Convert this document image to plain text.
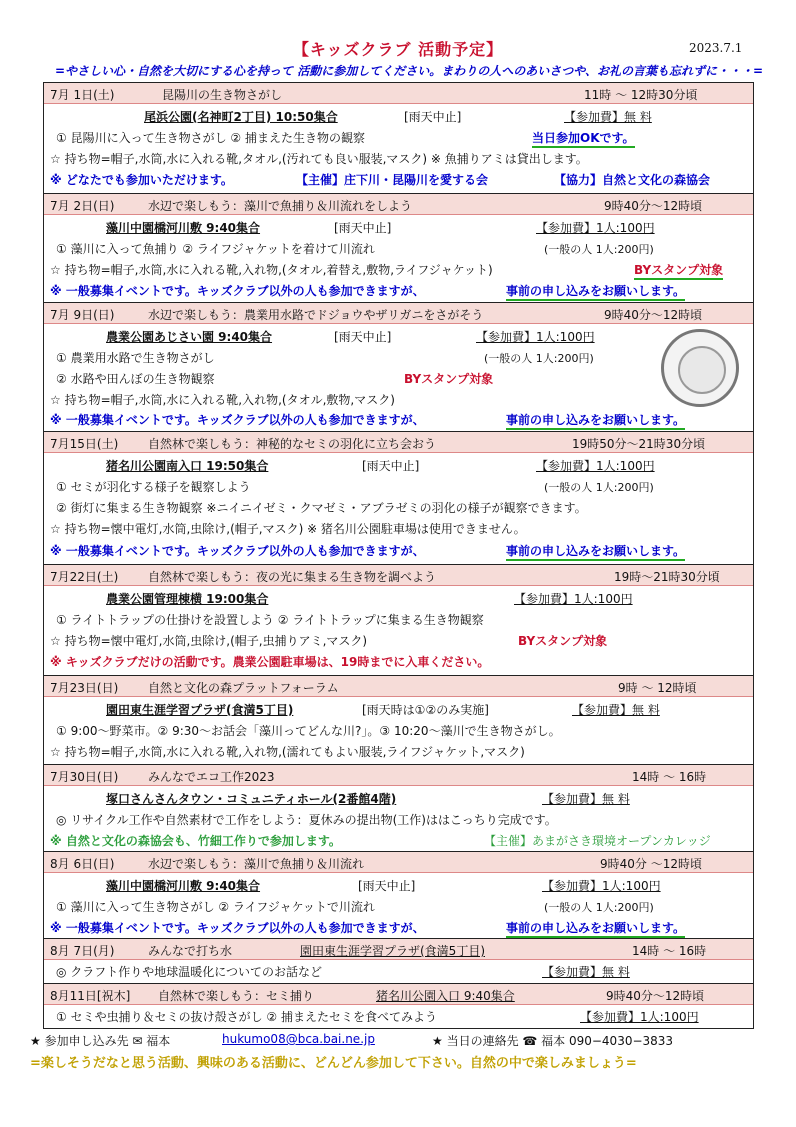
【キッズクラブ 活動予定】	2023.7.1
=やさしい心・自然を大切にする心を持って 活動に参加してください。まわりの人へのあいさつや、お礼の言葉も忘れずに・・・=
7月 1日(土)	昆陽川の生き物さがし	11時 ～ 12時30分頃
尾浜公園(名神町2丁目) 10:50集合	[雨天中止]	【参加費】無 料
① 昆陽川に入って生き物さがし ② 捕まえた生き物の観察	当日参加OKです。
☆ 持ち物=帽子,水筒,水に入れる靴,タオル,(汚れても良い服装,マスク) ※ 魚捕りアミは貸出します。
※ どなたでも参加いただけます。	【主催】庄下川・昆陽川を愛する会	【協力】自然と文化の森協会
7月 2日(日)	水辺で楽しもう：藻川で魚捕り＆川流れをしよう	9時40分～12時頃
藻川中園橋河川敷 9:40集合	[雨天中止]	【参加費】1人:100円
① 藻川に入って魚捕り ② ライフジャケットを着けて川流れ	(一般の人 1人:200円)
☆ 持ち物=帽子,水筒,水に入れる靴,入れ物,(タオル,着替え,敷物,ライフジャケット)	BYスタンプ対象
※ 一般募集イベントです。キッズクラブ以外の人も参加できますが、	事前の申し込みをお願いします。
7月 9日(日)	水辺で楽しもう：農業用水路でドジョウやザリガニをさがそう	9時40分～12時頃
農業公園あじさい園 9:40集合	[雨天中止]	【参加費】1人:100円
① 農業用水路で生き物さがし	(一般の人 1人:200円)
② 水路や田んぼの生き物観察	BYスタンプ対象
☆ 持ち物=帽子,水筒,水に入れる靴,入れ物,(タオル,敷物,マスク)
※ 一般募集イベントです。キッズクラブ以外の人も参加できますが、	事前の申し込みをお願いします。
7月15日(土) 自然林で楽しもう：神秘的なセミの羽化に立ち会おう	19時50分～21時30分頃
猪名川公園南入口 19:50集合	[雨天中止]	【参加費】1人:100円
① セミが羽化する様子を観察しよう	(一般の人 1人:200円)
② 街灯に集まる生き物観察 ※ニイニイゼミ・クマゼミ・アブラゼミの羽化の様子が観察できます。
☆ 持ち物=懐中電灯,水筒,虫除け,(帽子,マスク) ※ 猪名川公園駐車場は使用できません。
※ 一般募集イベントです。キッズクラブ以外の人も参加できますが、	事前の申し込みをお願いします。
7月22日(土) 自然林で楽しもう：夜の光に集まる生き物を調べよう	19時～21時30分頃
農業公園管理棟横 19:00集合	【参加費】1人:100円
① ライトトラップの仕掛けを設置しよう ② ライトトラップに集まる生き物観察
☆ 持ち物=懐中電灯,水筒,虫除け,(帽子,虫捕りアミ,マスク)	BYスタンプ対象
※ キッズクラブだけの活動です。農業公園駐車場は、19時までに入車ください。
7月23日(日) 自然と文化の森プラットフォーラム	9時 ～ 12時頃
園田東生涯学習プラザ(食満5丁目)	[雨天時は①②のみ実施]	【参加費】無 料
① 9:00～野菜市。② 9:30～お話会「藻川ってどんな川?」。③ 10:20～藻川で生き物さがし。
☆ 持ち物=帽子,水筒,水に入れる靴,入れ物,(濡れてもよい服装,ライフジャケット,マスク)
7月30日(日) みんなでエコ工作2023	14時 ～ 16時
塚口さんさんタウン・コミュニティホール(2番館4階)	【参加費】無 料
◎ リサイクル工作や自然素材で工作をしよう：夏休みの提出物(工作)ははこっちり完成です。
※ 自然と文化の森協会も、竹細工作りで参加します。	【主催】あまがさき環境オープンカレッジ
8月 6日(日)	水辺で楽しもう：藻川で魚捕り＆川流れ	9時40分 ～12時頃
藻川中園橋河川敷 9:40集合	[雨天中止]	【参加費】1人:100円
① 藻川に入って生き物さがし ② ライフジャケットで川流れ	(一般の人 1人:200円)
※ 一般募集イベントです。キッズクラブ以外の人も参加できますが、	事前の申し込みをお願いします。
8月 7日(月)	みんなで打ち水	園田東生涯学習プラザ(食満5丁目)	14時 ～ 16時
◎ クラフト作りや地球温暖化についてのお話など	【参加費】無 料
8月11日[祝木] 自然林で楽しもう：セミ捕り	猪名川公園入口 9:40集合	9時40分～12時頃
① セミや虫捕り＆セミの抜け殻さがし ② 捕まえたセミを食べてみよう	【参加費】1人:100円
★ 参加申し込み先 ✉ 福本	hukumo08@bca.bai.ne.jp	★ 当日の連絡先 ☎ 福本 090−4030−3833
=楽しそうだなと思う活動、興味のある活動に、どんどん参加して下さい。自然の中で楽しみましょう=
